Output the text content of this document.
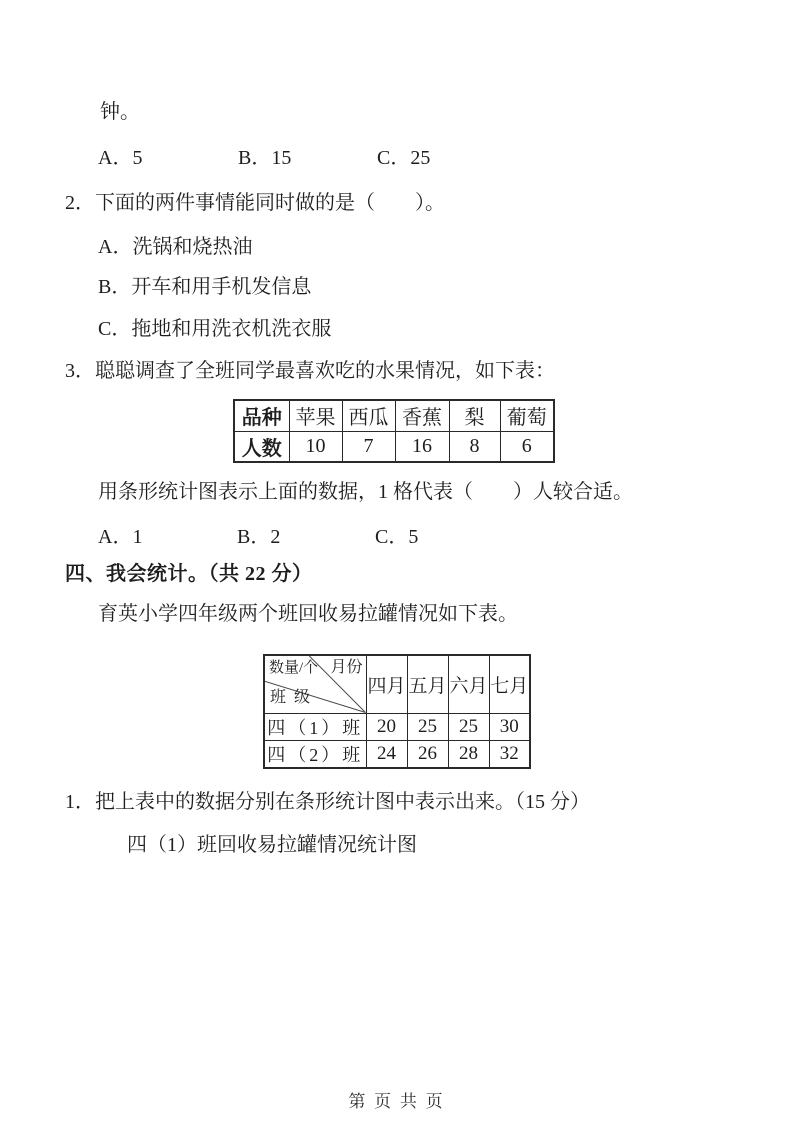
钟。
A．5	B．15	C．25
2．下面的两件事情能同时做的是（　　）。
A．洗锅和烧热油
B．开车和用手机发信息
C．拖地和用洗衣机洗衣服
3．聪聪调查了全班同学最喜欢吃的水果情况，如下表：
品种	苹果	西瓜	香蕉	梨	葡萄
人数	10	7	16	8	6
用条形统计图表示上面的数据，1 格代表（　　）人较合适。
A．1	B．2	C．5
四、我会统计。（共 22 分）
育英小学四年级两个班回收易拉罐情况如下表。
数量/个 月份
班 级	四月	五月	六月	七月
四（1）班	20	25	25	30
四（2）班	24	26	28	32
1．把上表中的数据分别在条形统计图中表示出来。（15 分）
四（1）班回收易拉罐情况统计图
第 页 共 页
